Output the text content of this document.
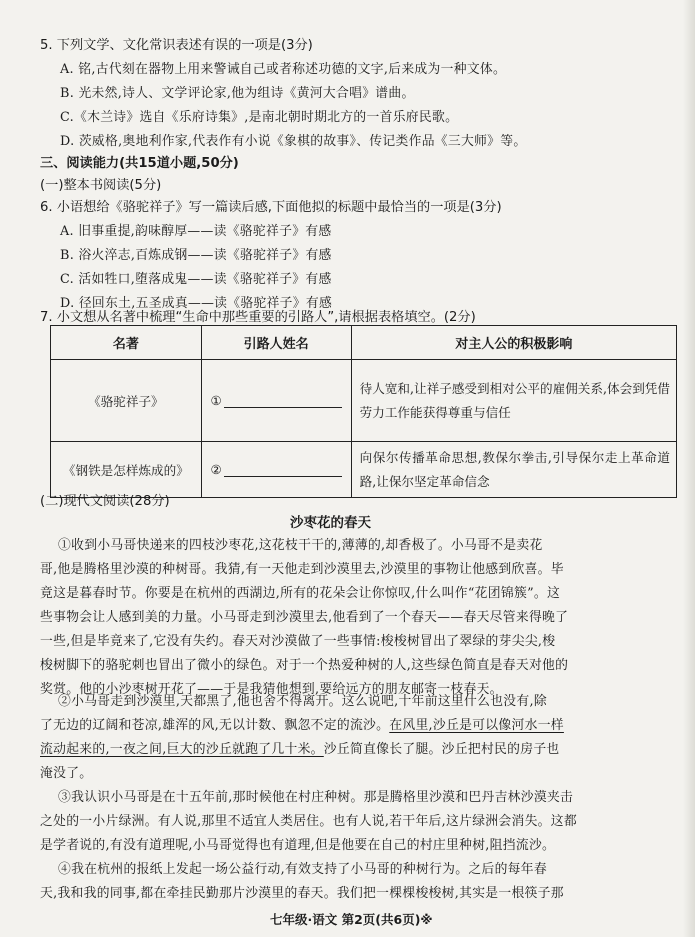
5. 下列文学、文化常识表述有误的一项是(3分)
A. 铭,古代刻在器物上用来警诫自己或者称述功德的文字,后来成为一种文体。
B. 光未然,诗人、文学评论家,他为组诗《黄河大合唱》谱曲。
C.《木兰诗》选自《乐府诗集》,是南北朝时期北方的一首乐府民歌。
D. 茨威格,奥地利作家,代表作有小说《象棋的故事》、传记类作品《三大师》等。
三、阅读能力(共15道小题,50分)
(一)整本书阅读(5分)
6. 小语想给《骆驼祥子》写一篇读后感,下面他拟的标题中最恰当的一项是(3分)
A. 旧事重提,韵味醇厚——读《骆驼祥子》有感
B. 浴火淬志,百炼成钢——读《骆驼祥子》有感
C. 活如牲口,堕落成鬼——读《骆驼祥子》有感
D. 径回东土,五圣成真——读《骆驼祥子》有感
7. 小文想从名著中梳理“生命中那些重要的引路人”,请根据表格填空。(2分)
名著	引路人姓名	对主人公的积极影响
《骆驼祥子》	①	待人宽和,让祥子感受到相对公平的雇佣关系,体会到凭借劳力工作能获得尊重与信任
《钢铁是怎样炼成的》	②	向保尔传播革命思想,教保尔拳击,引导保尔走上革命道路,让保尔坚定革命信念
(二)现代文阅读(28分)
沙枣花的春天
①收到小马哥快递来的四枝沙枣花,这花枝干干的,薄薄的,却香极了。小马哥不是卖花
哥,他是腾格里沙漠的种树哥。我猜,有一天他走到沙漠里去,沙漠里的事物让他感到欣喜。毕
竟这是暮春时节。你要是在杭州的西湖边,所有的花朵会让你惊叹,什么叫作“花团锦簇”。这
些事物会让人感到美的力量。小马哥走到沙漠里去,他看到了一个春天——春天尽管来得晚了
一些,但是毕竟来了,它没有失约。春天对沙漠做了一些事情:梭梭树冒出了翠绿的芽尖尖,梭
梭树脚下的骆驼刺也冒出了微小的绿色。对于一个热爱种树的人,这些绿色简直是春天对他的
奖赏。他的小沙枣树开花了——于是我猜他想到,要给远方的朋友邮寄一枝春天。
②小马哥走到沙漠里,天都黑了,他也舍不得离开。这么说吧,十年前这里什么也没有,除
了无边的辽阔和苍凉,雄浑的风,无以计数、飘忽不定的流沙。在风里,沙丘是可以像河水一样
流动起来的,一夜之间,巨大的沙丘就跑了几十米。沙丘简直像长了腿。沙丘把村民的房子也
淹没了。
③我认识小马哥是在十五年前,那时候他在村庄种树。那是腾格里沙漠和巴丹吉林沙漠夹击
之处的一小片绿洲。有人说,那里不适宜人类居住。也有人说,若干年后,这片绿洲会消失。这都
是学者说的,有没有道理呢,小马哥觉得也有道理,但是他要在自己的村庄里种树,阻挡流沙。
④我在杭州的报纸上发起一场公益行动,有效支持了小马哥的种树行为。之后的每年春
天,我和我的同事,都在牵挂民勤那片沙漠里的春天。我们把一棵棵梭梭树,其实是一根筷子那
七年级·语文 第2页(共6页)※
